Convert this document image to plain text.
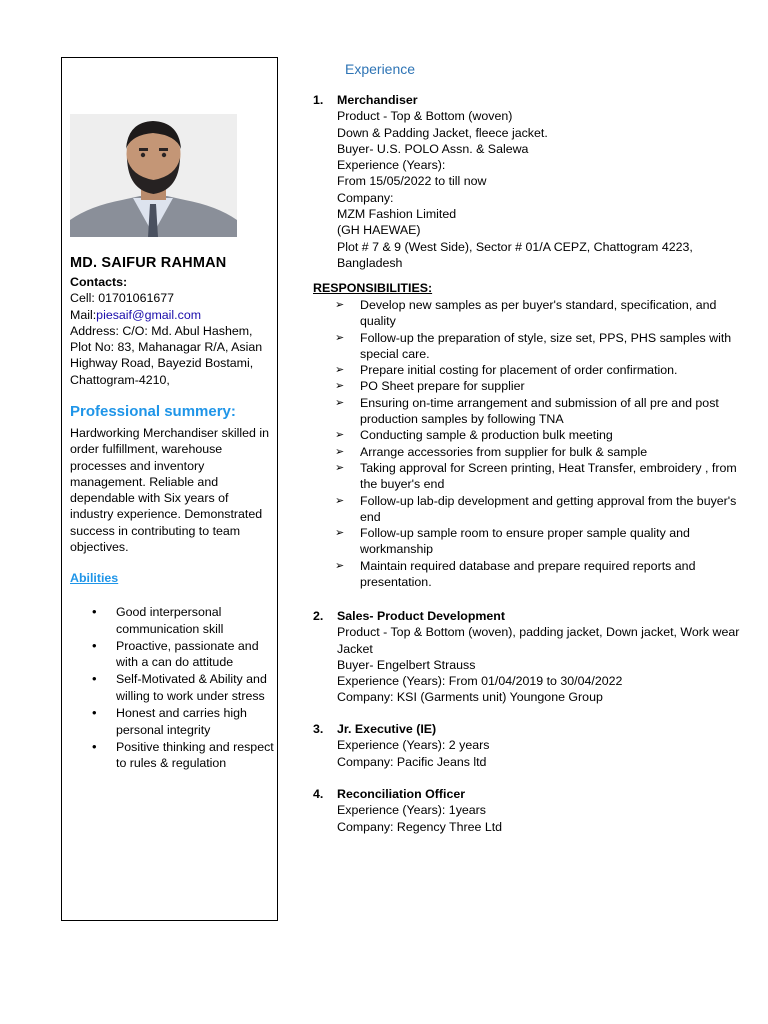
MD. SAIFUR RAHMAN
Contacts:
Cell: 01701061677
Mail:piesaif@gmail.com
Address: C/O: Md. Abul Hashem, Plot No: 83, Mahanagar R/A, Asian Highway Road, Bayezid Bostami, Chattogram-4210,
Professional summery:
Hardworking Merchandiser skilled in order fulfillment, warehouse processes and inventory management. Reliable and dependable with Six years of industry experience. Demonstrated success in contributing to team objectives.
Abilities
• Good interpersonal communication skill
• Proactive, passionate and with a can do attitude
• Self-Motivated & Ability and willing to work under stress
• Honest and carries high personal integrity
• Positive thinking and respect to rules & regulation
Experience
1. Merchandiser
Product - Top & Bottom (woven)
Down & Padding Jacket, fleece jacket.
Buyer- U.S. POLO Assn. & Salewa
Experience (Years):
From 15/05/2022 to till now
Company:
MZM Fashion Limited
(GH HAEWAE)
Plot # 7 & 9 (West Side), Sector # 01/A CEPZ, Chattogram 4223, Bangladesh
RESPONSIBILITIES:
➢ Develop new samples as per buyer's standard, specification, and quality
➢ Follow-up the preparation of style, size set, PPS, PHS samples with special care.
➢ Prepare initial costing for placement of order confirmation.
➢ PO Sheet prepare for supplier
➢ Ensuring on-time arrangement and submission of all pre and post production samples by following TNA
➢ Conducting sample & production bulk meeting
➢ Arrange accessories from supplier for bulk & sample
➢ Taking approval for Screen printing, Heat Transfer, embroidery , from the buyer's end
➢ Follow-up lab-dip development and getting approval from the buyer's end
➢ Follow-up sample room to ensure proper sample quality and workmanship
➢ Maintain required database and prepare required reports and presentation.
2. Sales- Product Development
Product - Top & Bottom (woven), padding jacket, Down jacket, Work wear Jacket
Buyer- Engelbert Strauss
Experience (Years): From 01/04/2019 to 30/04/2022
Company: KSI (Garments unit) Youngone Group
3. Jr. Executive (IE)
Experience (Years): 2 years
Company: Pacific Jeans ltd
4. Reconciliation Officer
Experience (Years): 1years
Company: Regency Three Ltd
